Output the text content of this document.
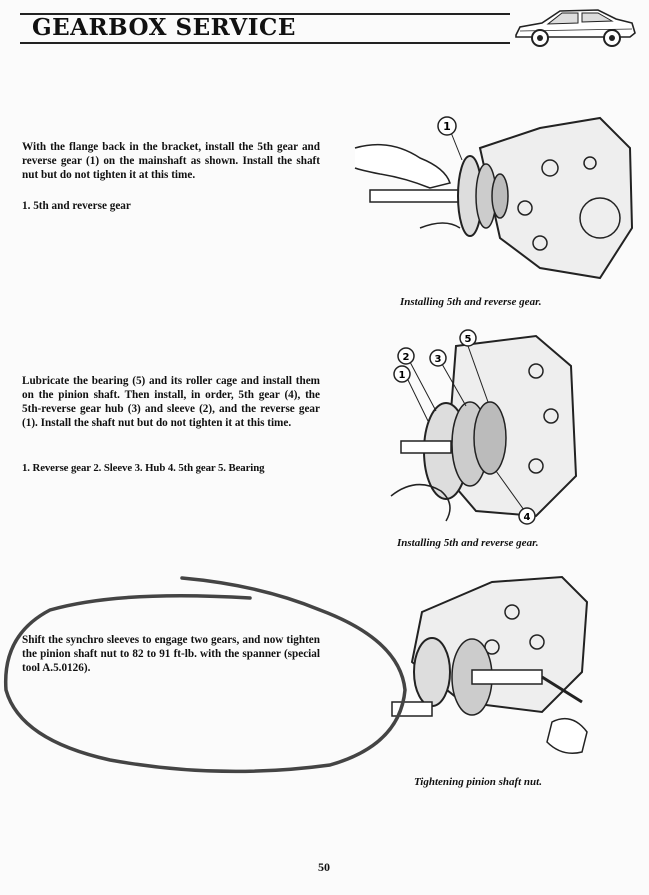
GEARBOX SERVICE
With the flange back in the bracket, install the 5th gear and reverse gear (1) on the mainshaft as shown. Install the shaft nut but do not tighten it at this time.
1. 5th and reverse gear
1
Installing 5th and reverse gear.
Lubricate the bearing (5) and its roller cage and install them on the pinion shaft. Then install, in order, 5th gear (4), the 5th-reverse gear hub (3) and sleeve (2), and the reverse gear (1). Install the shaft nut but do not tighten it at this time.
1. Reverse gear 2. Sleeve 3. Hub 4. 5th gear 5. Bearing
2	3
5
1
4
Installing 5th and reverse gear.
Shift the synchro sleeves to engage two gears, and now tighten the pinion shaft nut to 82 to 91 ft-lb. with the spanner (special tool A.5.0126).
Tightening pinion shaft nut.
50
